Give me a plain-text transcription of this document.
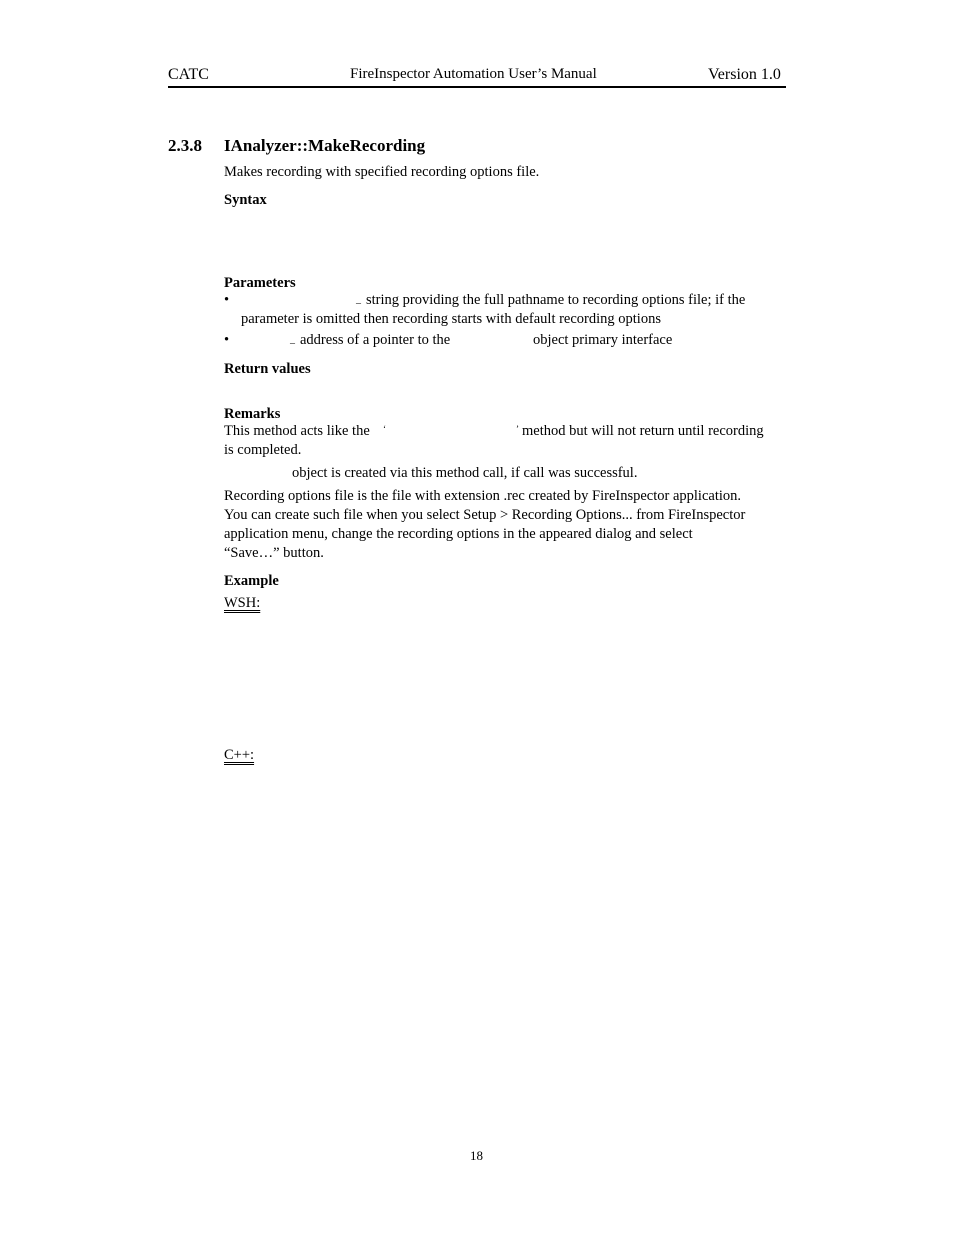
CATC	FireInspector Automation User’s Manual	Version 1.0
2.3.8 IAnalyzer::MakeRecording
Makes recording with specified recording options file.
Syntax
Parameters
•	– string providing the full pathname to recording options file; if the
parameter is omitted then recording starts with default recording options
•	– address of a pointer to the	object primary interface
Return values
Remarks
This method acts like the ‘	’ method but will not return until recording
is completed.
object is created via this method call, if call was successful.
Recording options file is the file with extension .rec created by FireInspector application.
You can create such file when you select Setup > Recording Options... from FireInspector
application menu, change the recording options in the appeared dialog and select
“Save…” button.
Example
WSH:
C++:
18
